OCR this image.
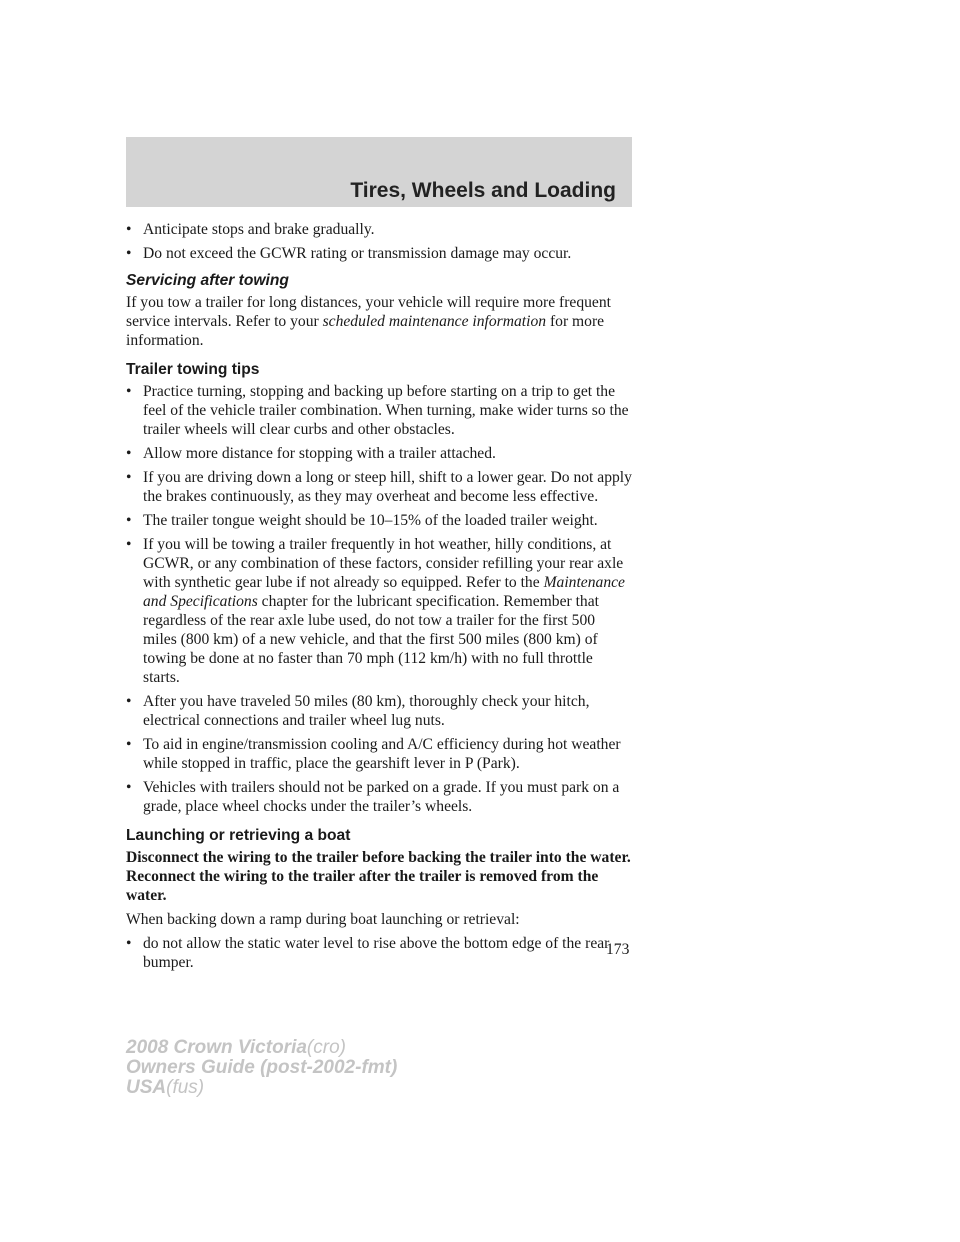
Tires, Wheels and Loading
• Anticipate stops and brake gradually.
• Do not exceed the GCWR rating or transmission damage may occur.
Servicing after towing
If you tow a trailer for long distances, your vehicle will require more frequent service intervals. Refer to your scheduled maintenance information for more information.
Trailer towing tips
• Practice turning, stopping and backing up before starting on a trip to get the feel of the vehicle trailer combination. When turning, make wider turns so the trailer wheels will clear curbs and other obstacles.
• Allow more distance for stopping with a trailer attached.
• If you are driving down a long or steep hill, shift to a lower gear. Do not apply the brakes continuously, as they may overheat and become less effective.
• The trailer tongue weight should be 10–15% of the loaded trailer weight.
• If you will be towing a trailer frequently in hot weather, hilly conditions, at GCWR, or any combination of these factors, consider refilling your rear axle with synthetic gear lube if not already so equipped. Refer to the Maintenance and Specifications chapter for the lubricant specification. Remember that regardless of the rear axle lube used, do not tow a trailer for the first 500 miles (800 km) of a new vehicle, and that the first 500 miles (800 km) of towing be done at no faster than 70 mph (112 km/h) with no full throttle starts.
• After you have traveled 50 miles (80 km), thoroughly check your hitch, electrical connections and trailer wheel lug nuts.
• To aid in engine/transmission cooling and A/C efficiency during hot weather while stopped in traffic, place the gearshift lever in P (Park).
• Vehicles with trailers should not be parked on a grade. If you must park on a grade, place wheel chocks under the trailer’s wheels.
Launching or retrieving a boat
Disconnect the wiring to the trailer before backing the trailer into the water. Reconnect the wiring to the trailer after the trailer is removed from the water.
When backing down a ramp during boat launching or retrieval:
• do not allow the static water level to rise above the bottom edge of the rear bumper.
173
2008 Crown Victoria(cro)
Owners Guide (post-2002-fmt)
USA(fus)
